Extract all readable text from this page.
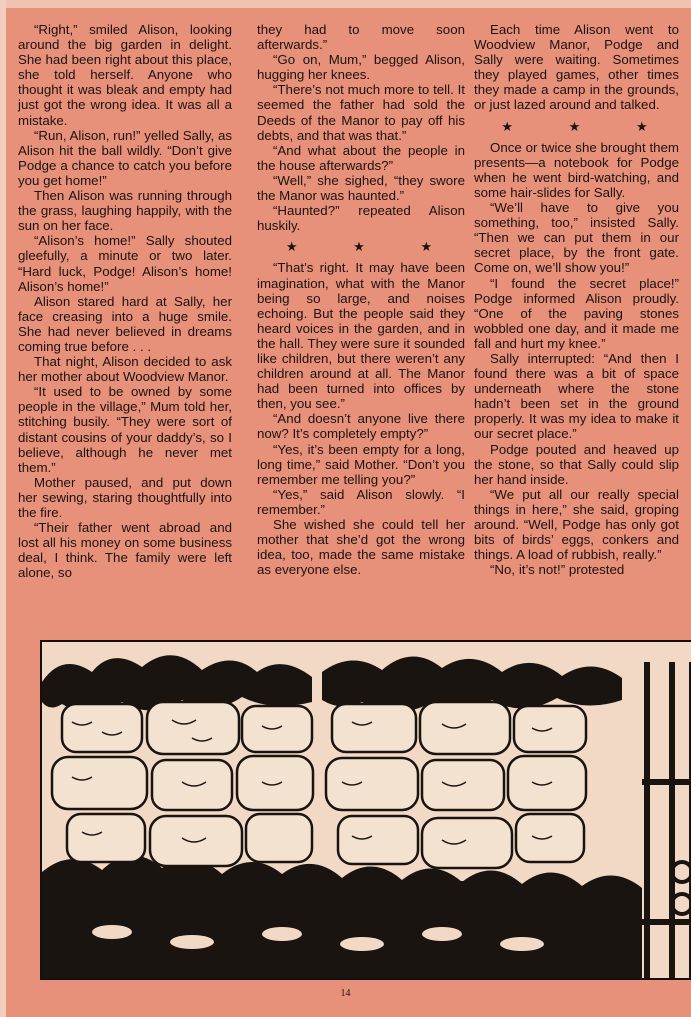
“Right,” smiled Alison, looking around the big garden in delight. She had been right about this place, she told herself. Anyone who thought it was bleak and empty had just got the wrong idea. It was all a mistake.

“Run, Alison, run!” yelled Sally, as Alison hit the ball wildly. “Don’t give Podge a chance to catch you before you get home!”

Then Alison was running through the grass, laughing happily, with the sun on her face.

“Alison’s home!” Sally shouted gleefully, a minute or two later. “Hard luck, Podge! Alison’s home! Alison’s home!”

Alison stared hard at Sally, her face creasing into a huge smile. She had never believed in dreams coming true before . . .

That night, Alison decided to ask her mother about Woodview Manor.

“It used to be owned by some people in the village,” Mum told her, stitching busily. “They were sort of distant cousins of your daddy’s, so I believe, although he never met them.”

Mother paused, and put down her sewing, staring thoughtfully into the fire.

“Their father went abroad and lost all his money on some business deal, I think. The family were left alone, so

they had to move soon afterwards.”

“Go on, Mum,” begged Alison, hugging her knees.

“There’s not much more to tell. It seemed the father had sold the Deeds of the Manor to pay off his debts, and that was that.”

“And what about the people in the house afterwards?”

“Well,” she sighed, “they swore the Manor was haunted.”

“Haunted?” repeated Alison huskily.

★ ★ ★

“That’s right. It may have been imagination, what with the Manor being so large, and noises echoing. But the people said they heard voices in the garden, and in the hall. They were sure it sounded like children, but there weren’t any children around at all. The Manor had been turned into offices by then, you see.”

“And doesn’t anyone live there now? It’s completely empty?”

“Yes, it’s been empty for a long, long time,” said Mother. “Don’t you remember me telling you?”

“Yes,” said Alison slowly. “I remember.”

She wished she could tell her mother that she’d got the wrong idea, too, made the same mistake as everyone else.

Each time Alison went to Woodview Manor, Podge and Sally were waiting. Sometimes they played games, other times they made a camp in the grounds, or just lazed around and talked.

★ ★ ★

Once or twice she brought them presents—a notebook for Podge when he went bird-watching, and some hair-slides for Sally.

“We’ll have to give you something, too,” insisted Sally. “Then we can put them in our secret place, by the front gate. Come on, we’ll show you!”

“I found the secret place!” Podge informed Alison proudly. “One of the paving stones wobbled one day, and it made me fall and hurt my knee.”

Sally interrupted: “And then I found there was a bit of space underneath where the stone hadn’t been set in the ground properly. It was my idea to make it our secret place.”

Podge pouted and heaved up the stone, so that Sally could slip her hand inside.

“We put all our really special things in here,” she said, groping around. “Well, Podge has only got bits of birds’ eggs, conkers and things. A load of rubbish, really.”

“No, it’s not!” protested

14
